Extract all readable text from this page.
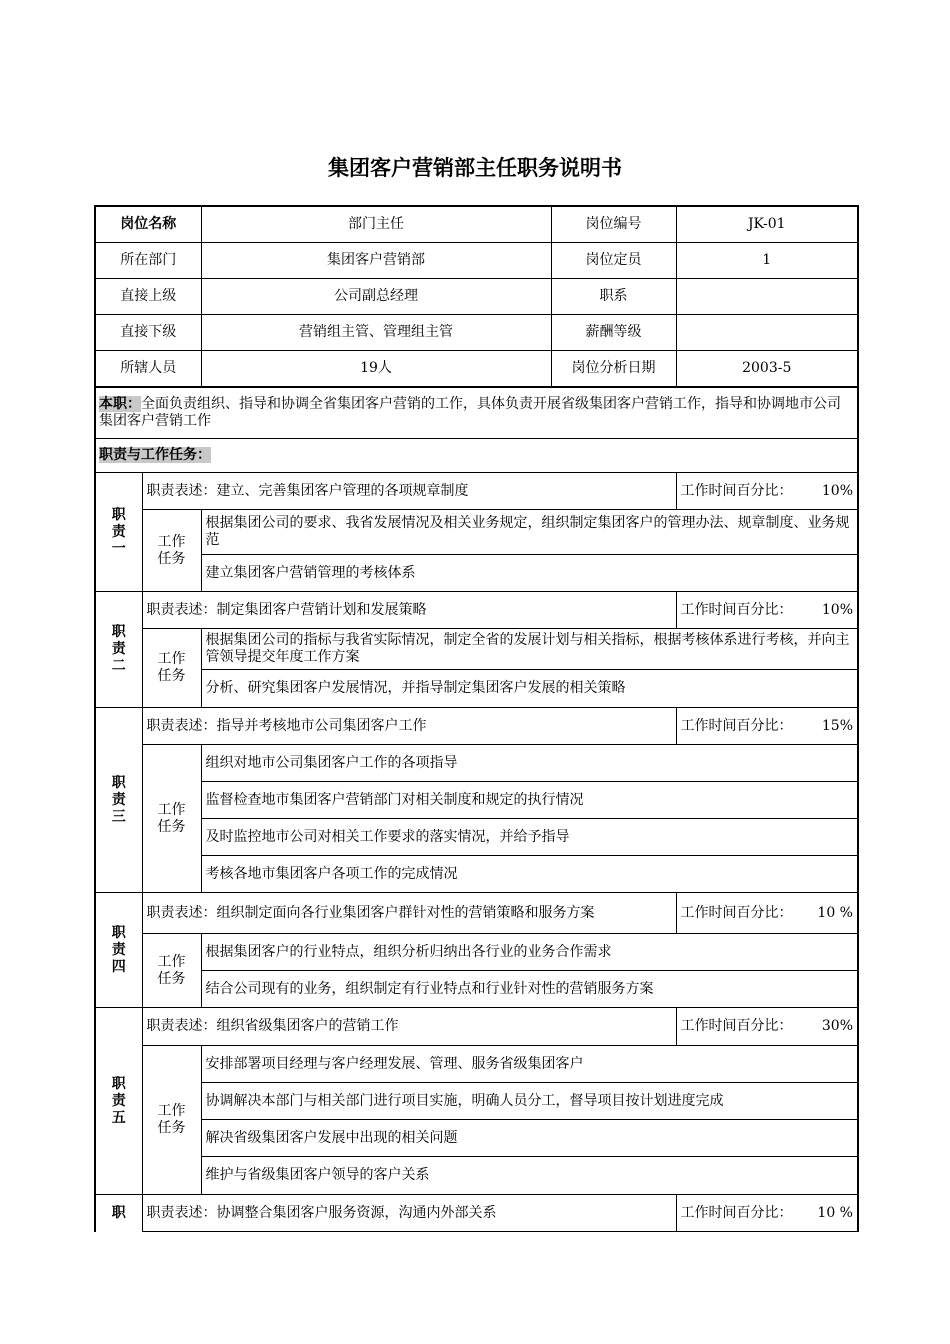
集团客户营销部主任职务说明书
岗位名称		部门主任	岗位编号	JK-01
所在部门		集团客户营销部	岗位定员	1
直接上级		公司副总经理	职系	
直接下级		营销组主管、管理组主管	薪酬等级	
所辖人员		19人	岗位分析日期	2003-5
本职：全面负责组织、指导和协调全省集团客户营销的工作，具体负责开展省级集团客户营销工作，指导和协调地市公司集团客户营销工作				
职责与工作任务：				

职责一	职责表述：建立、完善集团客户管理的各项规章制度			工作时间百分比： 10%

	工作任务	根据集团公司的要求、我省发展情况及相关业务规定，组织制定集团客户的管理办法、规章制度、业务规范		
		建立集团客户营销管理的考核体系		

职责二	职责表述：制定集团客户营销计划和发展策略			工作时间百分比： 10%

	工作任务	根据集团公司的指标与我省实际情况，制定全省的发展计划与相关指标，根据考核体系进行考核，并向主管领导提交年度工作方案		
		分析、研究集团客户发展情况，并指导制定集团客户发展的相关策略		

职责三	职责表述：指导并考核地市公司集团客户工作			工作时间百分比： 15%

	工作任务	组织对地市公司集团客户工作的各项指导		
		监督检查地市集团客户营销部门对相关制度和规定的执行情况		
		及时监控地市公司对相关工作要求的落实情况，并给予指导		
		考核各地市集团客户各项工作的完成情况		

职责四	职责表述：组织制定面向各行业集团客户群针对性的营销策略和服务方案			工作时间百分比： 10 %

	工作任务	根据集团客户的行业特点，组织分析归纳出各行业的业务合作需求		
		结合公司现有的业务，组织制定有行业特点和行业针对性的营销服务方案		

职责五	职责表述：组织省级集团客户的营销工作			工作时间百分比： 30%

	工作任务	安排部署项目经理与客户经理发展、管理、服务省级集团客户		
		协调解决本部门与相关部门进行项目实施，明确人员分工，督导项目按计划进度完成		
		解决省级集团客户发展中出现的相关问题		
		维护与省级集团客户领导的客户关系		

职	职责表述：协调整合集团客户服务资源，沟通内外部关系			工作时间百分比： 10 %
